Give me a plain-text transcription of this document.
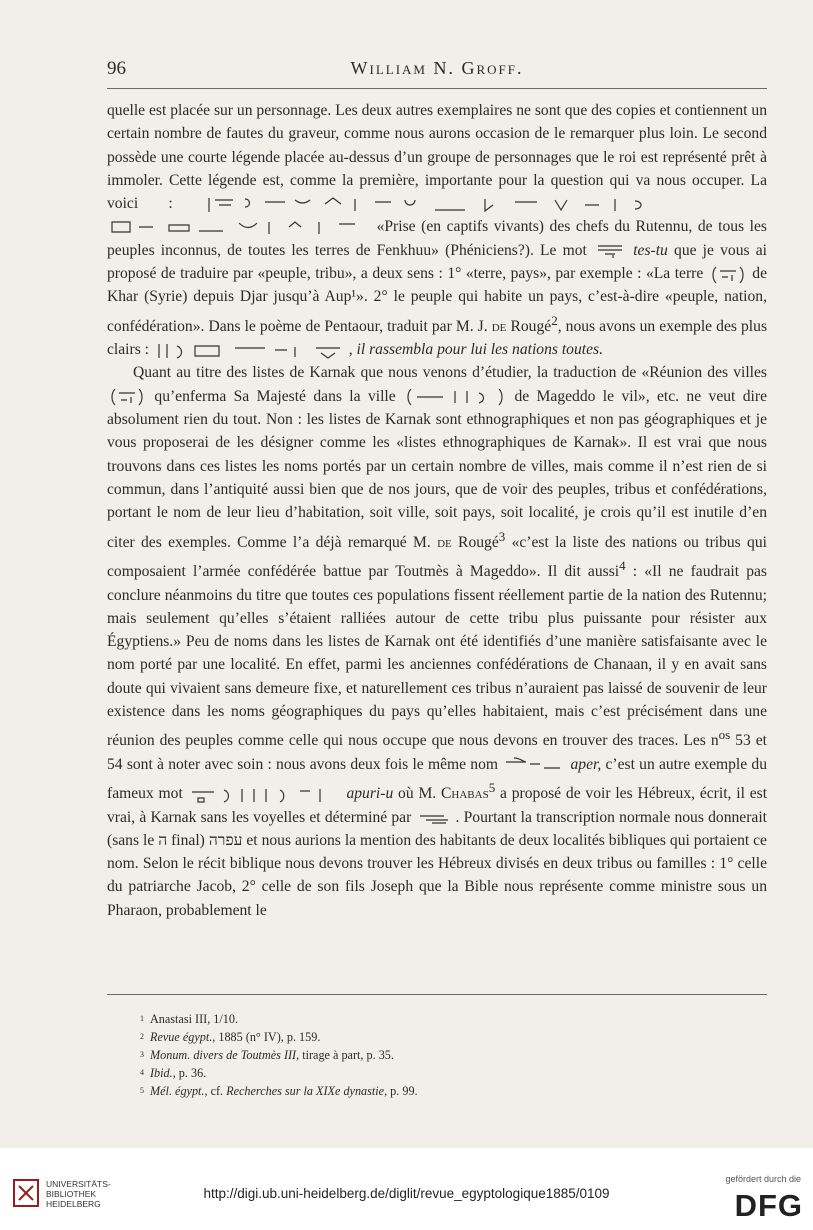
96	William N. Groff.

quelle est placée sur un personnage. Les deux autres exemplaires ne sont que des copies et contiennent un certain nombre de fautes du graveur, comme nous aurons occasion de le remarquer plus loin. Le second possède une courte légende placée au-dessus d’un groupe de personnages que le roi est représenté prêt à immoler. Cette légende est, comme la première, importante pour la question qui va nous occuper. La voici :

«Prise (en captifs vivants) des chefs du Rutennu, de tous les peuples inconnus, de toutes les terres de Fenkhuu» (Phéniciens?). Le mot	tes-tu que je vous ai proposé de traduire par «peuple, tribu», a deux sens : 1° «terre, pays», par exemple : «La terre	de Khar (Syrie) depuis Djar jusqu’à Aup¹». 2° le peuple qui habite un pays, c’est-à-dire «peuple, nation, confédération». Dans le poème de Pentaour, traduit par M. J. de Rougé$^2$, nous avons un exemple des plus clairs :
	, il rassembla pour lui les nations toutes.

Quant au titre des listes de Karnak que nous venons d’étudier, la traduction de «Réunion des villes
qu’enferma Sa Majesté dans la ville	de Mageddo le vil», etc. ne veut dire absolument rien du tout. Non : les listes de Karnak sont ethnographiques et non pas géographiques et je vous proposerai de les désigner comme les «listes ethnographiques de Karnak». Il est vrai que nous trouvons dans ces listes les noms portés par un certain nombre de villes, mais comme il n’est rien de si commun, dans l’antiquité aussi bien que de nos jours, que de voir des peuples, tribus et confédérations, portant le nom de leur lieu d’habitation, soit ville, soit pays, soit localité, je crois qu’il est inutile d’en citer des exemples. Comme l’a déjà remarqué M. de Rougé$^3$ «c’est la liste des nations ou tribus qui composaient l’armée confédérée battue par Toutmès à Mageddo». Il dit aussi$^4$ : «Il ne faudrait pas conclure néanmoins du titre que toutes ces populations fissent réellement partie de la nation des Rutennu; mais seulement qu’elles s’étaient ralliées autour de cette tribu plus puissante pour résister aux Égyptiens.» Peu de noms dans les listes de Karnak ont été identifiés d’une manière satisfaisante avec le nom porté par une localité. En effet, parmi les anciennes confédérations de Chanaan, il y en avait sans doute qui vivaient sans demeure fixe, et naturellement ces tribus n’auraient pas laissé de souvenir de leur existence dans les noms géographiques du pays qu’elles habitaient, mais c’est précisément dans une réunion des peuples comme celle qui nous occupe que nous devons en trouver des traces. Les $n^{os}$ 53 et 54 sont à noter avec soin : nous avons deux fois le même nom	aper, c’est un autre exemple du fameux mot	apuri-u où M. Chabas$^5$ a proposé de voir les Hébreux, écrit, il est vrai, à Karnak sans les voyelles et déterminé par	. Pourtant la transcription normale nous donnerait (sans le ה final) עפרה et nous aurions la mention des habitants de deux localités bibliques qui portaient ce nom. Selon le récit biblique nous devons trouver les Hébreux divisés en deux tribus ou familles : 1° celle du patriarche Jacob, 2° celle de son fils Joseph que la Bible nous représente comme ministre sous un Pharaon, probablement le

$^1$ Anastasi III, 1/10.
$^2$ Revue égypt., 1885 (n° IV), p. 159.
$^3$ Monum. divers de Toutmès III, tirage à part, p. 35.
$^4$ Ibid., p. 36.
$^5$ Mél. égypt., cf. Recherches sur la XIXe dynastie, p. 99.
UNIVERSITÄTS-
BIBLIOTHEK
HEIDELBERG
http://digi.ub.uni-heidelberg.de/diglit/revue_egyptologique1885/0109
gefördert durch die
DFG
